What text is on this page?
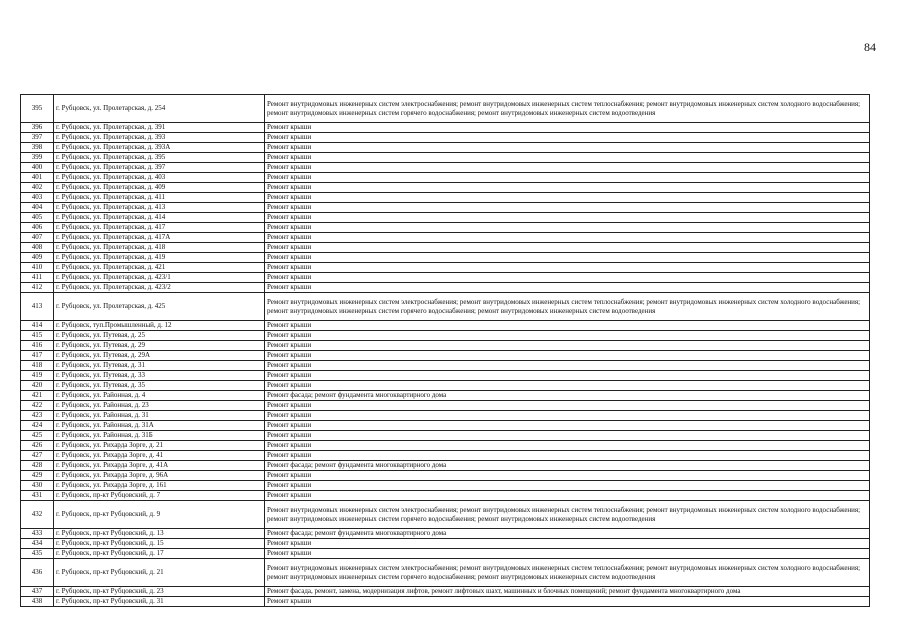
84
395	г. Рубцовск, ул. Пролетарская, д. 254	Ремонт внутридомовых инженерных систем электроснабжения; ремонт внутридомовых инженерных систем теплоснабжения; ремонт внутридомовых инженерных систем холодного водоснабжения; ремонт внутридомовых инженерных систем горячего водоснабжения; ремонт внутридомовых инженерных систем водоотведения
396	г. Рубцовск, ул. Пролетарская, д. 391	Ремонт крыши
397	г. Рубцовск, ул. Пролетарская, д. 393	Ремонт крыши
398	г. Рубцовск, ул. Пролетарская, д. 393А	Ремонт крыши
399	г. Рубцовск, ул. Пролетарская, д. 395	Ремонт крыши
400	г. Рубцовск, ул. Пролетарская, д. 397	Ремонт крыши
401	г. Рубцовск, ул. Пролетарская, д. 403	Ремонт крыши
402	г. Рубцовск, ул. Пролетарская, д. 409	Ремонт крыши
403	г. Рубцовск, ул. Пролетарская, д. 411	Ремонт крыши
404	г. Рубцовск, ул. Пролетарская, д. 413	Ремонт крыши
405	г. Рубцовск, ул. Пролетарская, д. 414	Ремонт крыши
406	г. Рубцовск, ул. Пролетарская, д. 417	Ремонт крыши
407	г. Рубцовск, ул. Пролетарская, д. 417А	Ремонт крыши
408	г. Рубцовск, ул. Пролетарская, д. 418	Ремонт крыши
409	г. Рубцовск, ул. Пролетарская, д. 419	Ремонт крыши
410	г. Рубцовск, ул. Пролетарская, д. 421	Ремонт крыши
411	г. Рубцовск, ул. Пролетарская, д. 423/1	Ремонт крыши
412	г. Рубцовск, ул. Пролетарская, д. 423/2	Ремонт крыши
413	г. Рубцовск, ул. Пролетарская, д. 425	Ремонт внутридомовых инженерных систем электроснабжения; ремонт внутридомовых инженерных систем теплоснабжения; ремонт внутридомовых инженерных систем холодного водоснабжения; ремонт внутридомовых инженерных систем горячего водоснабжения; ремонт внутридомовых инженерных систем водоотведения
414	г. Рубцовск, туп.Промышленный, д. 12	Ремонт крыши
415	г. Рубцовск, ул. Путевая, д. 25	Ремонт крыши
416	г. Рубцовск, ул. Путевая, д. 29	Ремонт крыши
417	г. Рубцовск, ул. Путевая, д. 29А	Ремонт крыши
418	г. Рубцовск, ул. Путевая, д. 31	Ремонт крыши
419	г. Рубцовск, ул. Путевая, д. 33	Ремонт крыши
420	г. Рубцовск, ул. Путевая, д. 35	Ремонт крыши
421	г. Рубцовск, ул. Районная, д. 4	Ремонт фасада; ремонт фундамента многоквартирного дома
422	г. Рубцовск, ул. Районная, д. 23	Ремонт крыши
423	г. Рубцовск, ул. Районная, д. 31	Ремонт крыши
424	г. Рубцовск, ул. Районная, д. 31А	Ремонт крыши
425	г. Рубцовск, ул. Районная, д. 31Б	Ремонт крыши
426	г. Рубцовск, ул. Рихарда Зорге, д. 21	Ремонт крыши
427	г. Рубцовск, ул. Рихарда Зорге, д. 41	Ремонт крыши
428	г. Рубцовск, ул. Рихарда Зорге, д. 41А	Ремонт фасада; ремонт фундамента многоквартирного дома
429	г. Рубцовск, ул. Рихарда Зорге, д. 96А	Ремонт крыши
430	г. Рубцовск, ул. Рихарда Зорге, д. 161	Ремонт крыши
431	г. Рубцовск, пр-кт Рубцовский, д. 7	Ремонт крыши
432	г. Рубцовск, пр-кт Рубцовский, д. 9	Ремонт внутридомовых инженерных систем электроснабжения; ремонт внутридомовых инженерных систем теплоснабжения; ремонт внутридомовых инженерных систем холодного водоснабжения; ремонт внутридомовых инженерных систем горячего водоснабжения; ремонт внутридомовых инженерных систем водоотведения
433	г. Рубцовск, пр-кт Рубцовский, д. 13	Ремонт фасада; ремонт фундамента многоквартирного дома
434	г. Рубцовск, пр-кт Рубцовский, д. 15	Ремонт крыши
435	г. Рубцовск, пр-кт Рубцовский, д. 17	Ремонт крыши
436	г. Рубцовск, пр-кт Рубцовский, д. 21	Ремонт внутридомовых инженерных систем электроснабжения; ремонт внутридомовых инженерных систем теплоснабжения; ремонт внутридомовых инженерных систем холодного водоснабжения; ремонт внутридомовых инженерных систем горячего водоснабжения; ремонт внутридомовых инженерных систем водоотведения
437	г. Рубцовск, пр-кт Рубцовский, д. 23	Ремонт фасада, ремонт, замена, модернизация лифтов, ремонт лифтовых шахт, машинных и блочных помещений; ремонт фундамента многоквартирного дома
438	г. Рубцовск, пр-кт Рубцовский, д. 31	Ремонт крыши
